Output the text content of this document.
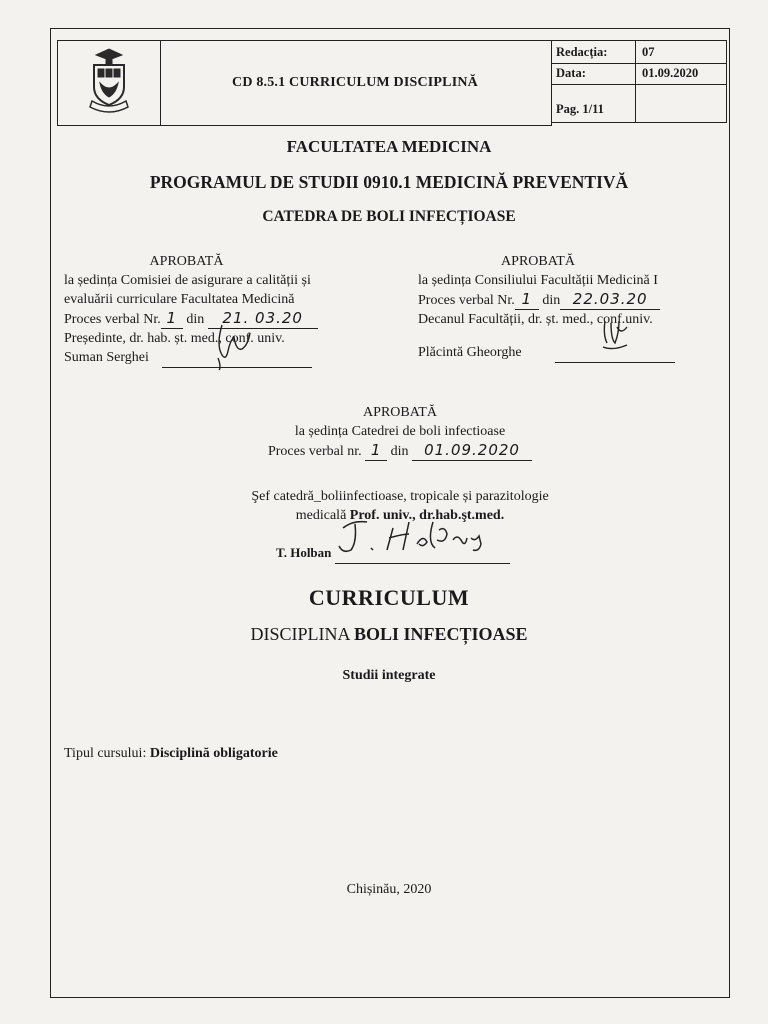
CD 8.5.1 CURRICULUM DISCIPLINĂ
Redacția:	07
Data:	01.09.2020
Pag. 1/11
FACULTATEA MEDICINA
PROGRAMUL DE STUDII 0910.1 MEDICINĂ PREVENTIVĂ
CATEDRA DE BOLI INFECȚIOASE
APROBATĂ
la ședința Comisiei de asigurare a calității și
evaluării curriculare Facultatea Medicină
Proces verbal Nr. 1 din 21. 03.20
Președinte, dr. hab. șt. med., conf. univ.
Suman Serghei

APROBATĂ
la ședința Consiliului Facultății Medicină I
Proces verbal Nr. 1 din 22.03.20
Decanul Facultății, dr. șt. med., conf.univ.
Plăcintă Gheorghe

APROBATĂ
la ședința Catedrei de boli infectioase
Proces verbal nr. 1 din 01.09.2020
Şef catedră_boliinfectioase, tropicale și parazitologie
medicală Prof. univ., dr.hab.şt.med.
T. Holban

CURRICULUM
DISCIPLINA BOLI INFECȚIOASE
Studii integrate
Tipul cursului: Disciplină obligatorie
Chișinău, 2020
